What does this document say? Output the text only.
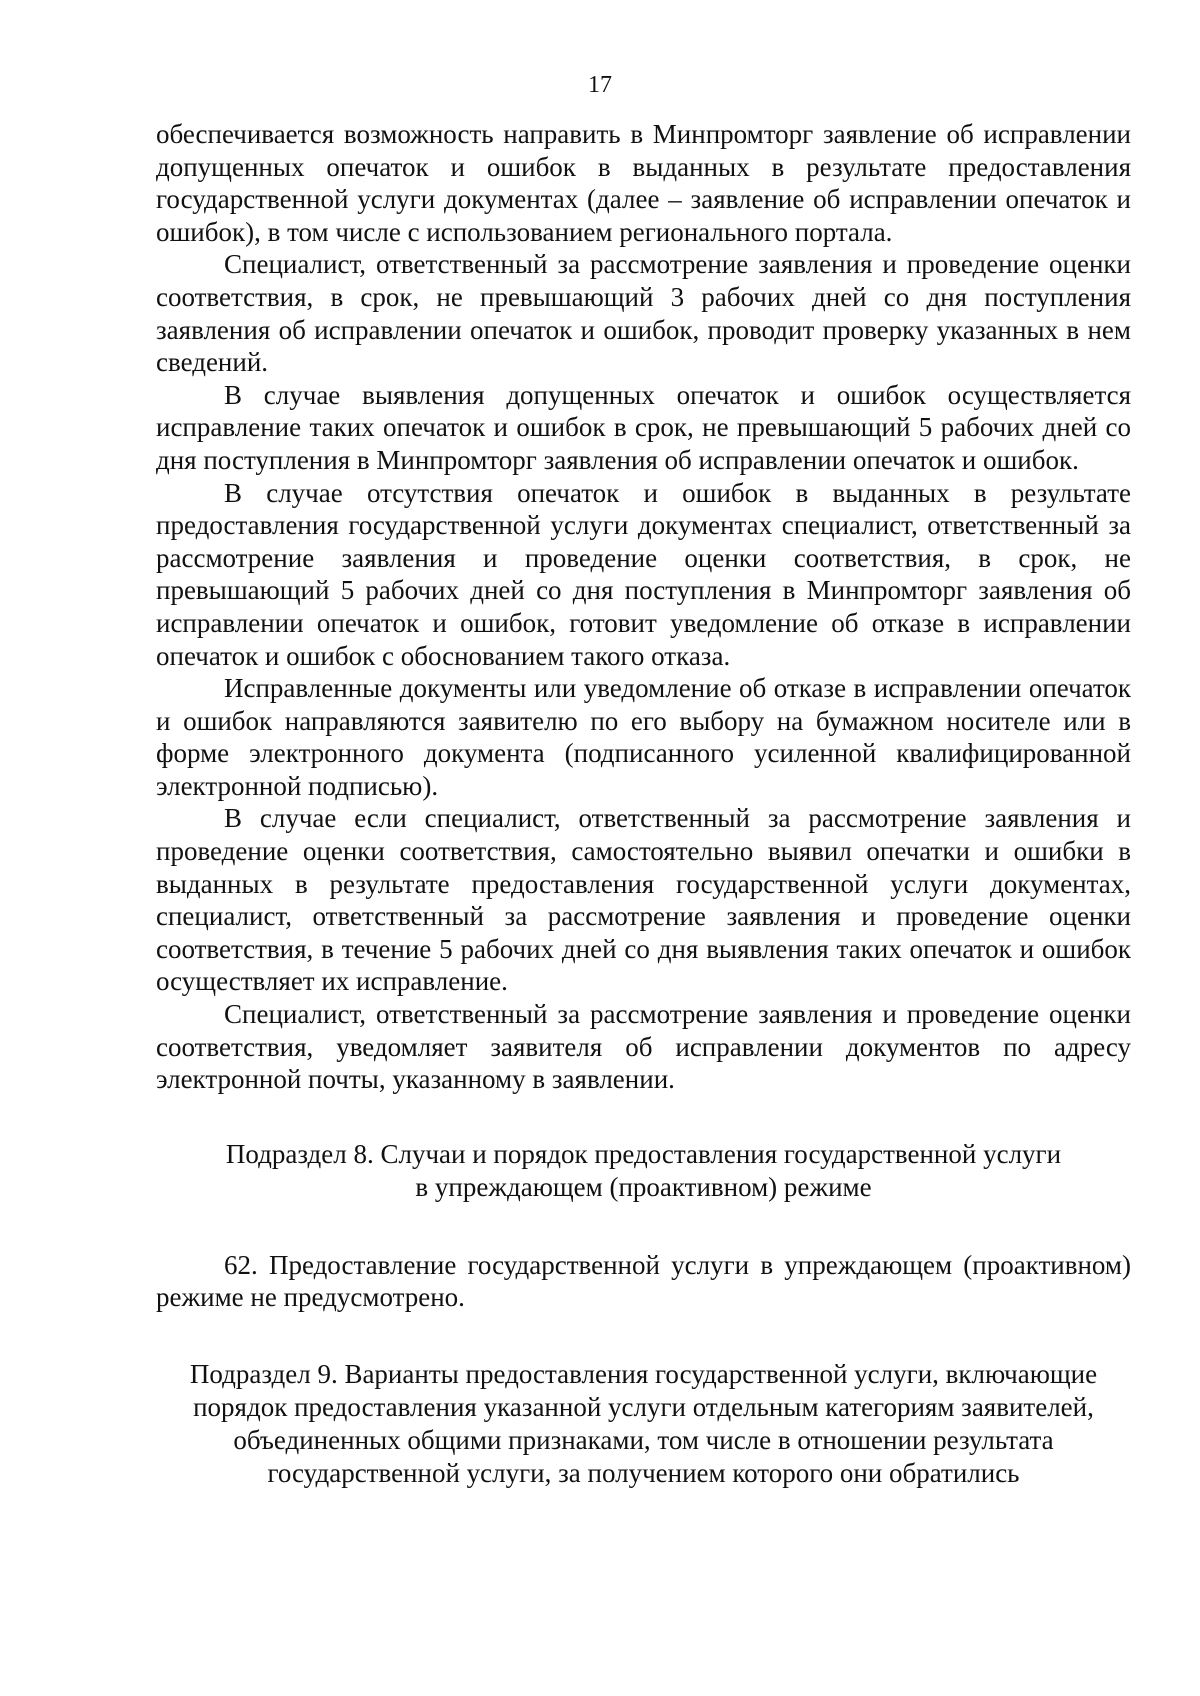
17

обеспечивается возможность направить в Минпромторг заявление об исправлении допущенных опечаток и ошибок в выданных в результате предоставления государственной услуги документах (далее – заявление об исправлении опечаток и ошибок), в том числе с использованием регионального портала.

Специалист, ответственный за рассмотрение заявления и проведение оценки соответствия, в срок, не превышающий 3 рабочих дней со дня поступления заявления об исправлении опечаток и ошибок, проводит проверку указанных в нем сведений.

В случае выявления допущенных опечаток и ошибок осуществляется исправление таких опечаток и ошибок в срок, не превышающий 5 рабочих дней со дня поступления в Минпромторг заявления об исправлении опечаток и ошибок.

В случае отсутствия опечаток и ошибок в выданных в результате предоставления государственной услуги документах специалист, ответственный за рассмотрение заявления и проведение оценки соответствия, в срок, не превышающий 5 рабочих дней со дня поступления в Минпромторг заявления об исправлении опечаток и ошибок, готовит уведомление об отказе в исправлении опечаток и ошибок с обоснованием такого отказа.

Исправленные документы или уведомление об отказе в исправлении опечаток и ошибок направляются заявителю по его выбору на бумажном носителе или в форме электронного документа (подписанного усиленной квалифицированной электронной подписью).

В случае если специалист, ответственный за рассмотрение заявления и проведение оценки соответствия, самостоятельно выявил опечатки и ошибки в выданных в результате предоставления государственной услуги документах, специалист, ответственный за рассмотрение заявления и проведение оценки соответствия, в течение 5 рабочих дней со дня выявления таких опечаток и ошибок осуществляет их исправление.

Специалист, ответственный за рассмотрение заявления и проведение оценки соответствия, уведомляет заявителя об исправлении документов по адресу электронной почты, указанному в заявлении.

Подраздел 8. Случаи и порядок предоставления государственной услуги
в упреждающем (проактивном) режиме

62. Предоставление государственной услуги в упреждающем (проактивном) режиме не предусмотрено.

Подраздел 9. Варианты предоставления государственной услуги, включающие
порядок предоставления указанной услуги отдельным категориям заявителей,
объединенных общими признаками, том числе в отношении результата
государственной услуги, за получением которого они обратились
